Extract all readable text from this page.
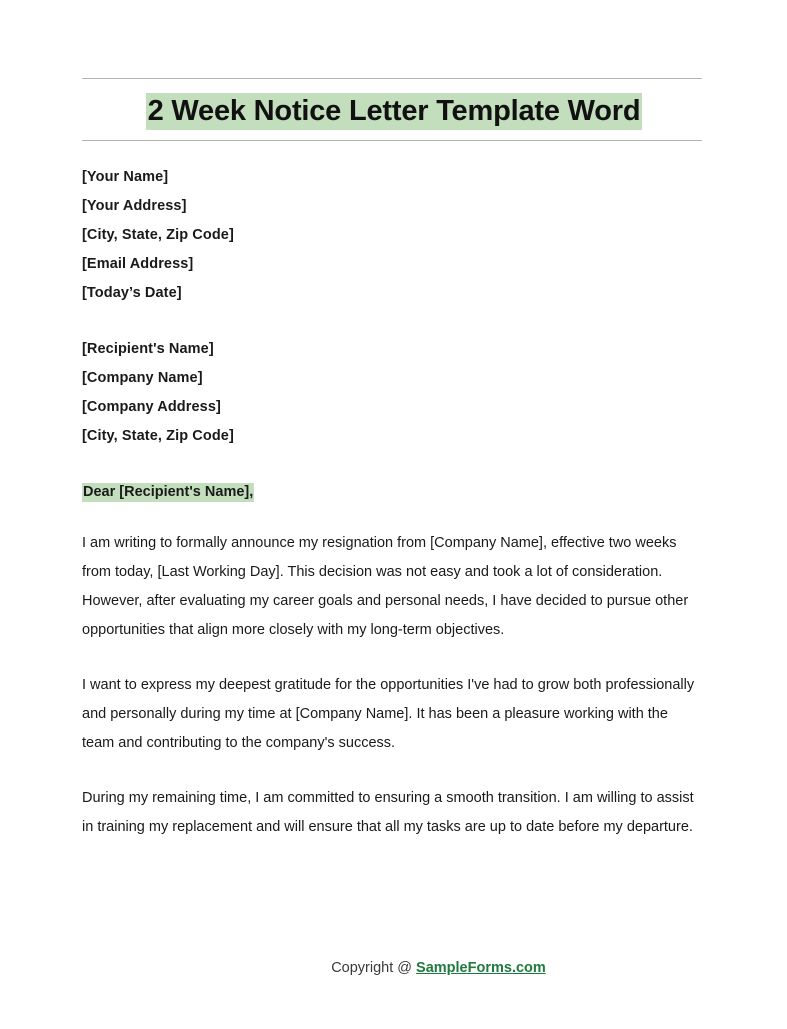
2 Week Notice Letter Template Word
[Your Name]
[Your Address]
[City, State, Zip Code]
[Email Address]
[Today’s Date]
[Recipient's Name]
[Company Name]
[Company Address]
[City, State, Zip Code]
Dear [Recipient's Name],

I am writing to formally announce my resignation from [Company Name], effective two weeks from today, [Last Working Day]. This decision was not easy and took a lot of consideration. However, after evaluating my career goals and personal needs, I have decided to pursue other opportunities that align more closely with my long-term objectives.

I want to express my deepest gratitude for the opportunities I've had to grow both professionally and personally during my time at [Company Name]. It has been a pleasure working with the team and contributing to the company's success.

During my remaining time, I am committed to ensuring a smooth transition. I am willing to assist in training my replacement and will ensure that all my tasks are up to date before my departure.

Copyright @ SampleForms.com
